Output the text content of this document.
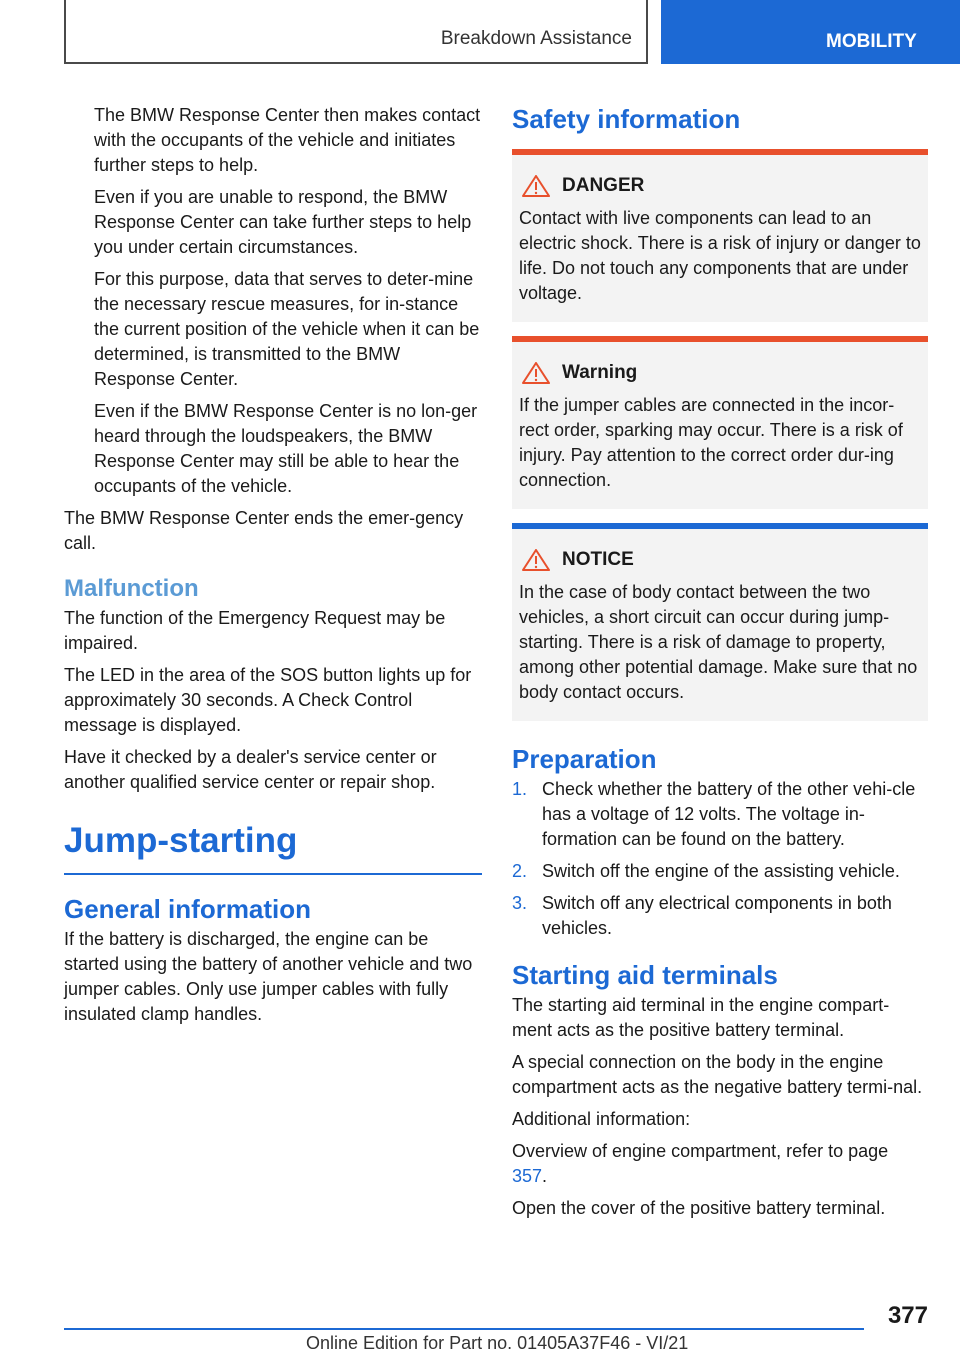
Breakdown Assistance	MOBILITY

The BMW Response Center then makes contact with the occupants of the vehicle and initiates further steps to help.

Even if you are unable to respond, the BMW Response Center can take further steps to help you under certain circumstances.

For this purpose, data that serves to deter-mine the necessary rescue measures, for in-stance the current position of the vehicle when it can be determined, is transmitted to the BMW Response Center.

Even if the BMW Response Center is no lon-ger heard through the loudspeakers, the BMW Response Center may still be able to hear the occupants of the vehicle.

The BMW Response Center ends the emer-gency call.

Malfunction

The function of the Emergency Request may be impaired.

The LED in the area of the SOS button lights up for approximately 30 seconds. A Check Control message is displayed.

Have it checked by a dealer's service center or another qualified service center or repair shop.

Jump-starting
General information

If the battery is discharged, the engine can be started using the battery of another vehicle and two jumper cables. Only use jumper cables with fully insulated clamp handles.

Safety information
DANGER
Contact with live components can lead to an electric shock. There is a risk of injury or danger to life. Do not touch any components that are under voltage.
Warning
If the jumper cables are connected in the incor-rect order, sparking may occur. There is a risk of injury. Pay attention to the correct order dur-ing connection.
NOTICE
In the case of body contact between the two vehicles, a short circuit can occur during jump-starting. There is a risk of damage to property, among other potential damage. Make sure that no body contact occurs.
Preparation
1. Check whether the battery of the other vehi-cle has a voltage of 12 volts. The voltage in-formation can be found on the battery.
2. Switch off the engine of the assisting vehicle.
3. Switch off any electrical components in both vehicles.
Starting aid terminals

The starting aid terminal in the engine compart-ment acts as the positive battery terminal.

A special connection on the body in the engine compartment acts as the negative battery termi-nal.

Additional information:

Overview of engine compartment, refer to page 357.

Open the cover of the positive battery terminal.

377
Online Edition for Part no. 01405A37F46 - VI/21
